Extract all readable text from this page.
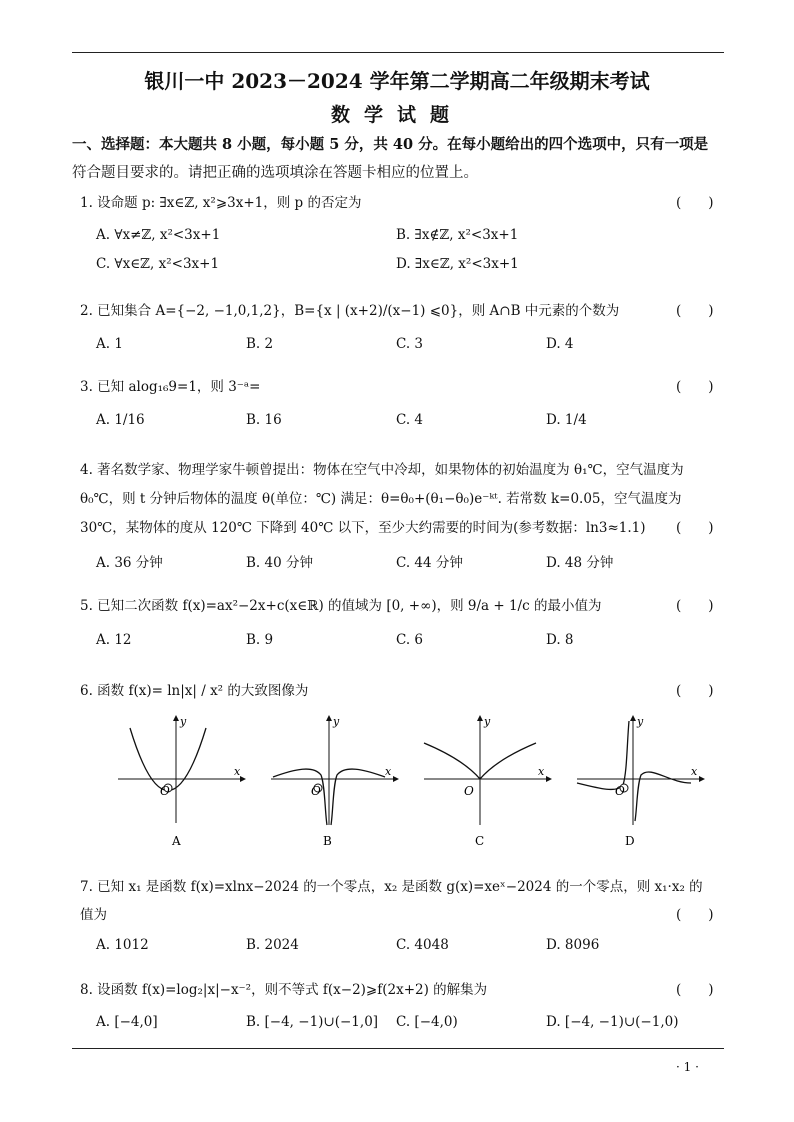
银川一中 2023－2024 学年第二学期高二年级期末考试
数学试题
一、选择题：本大题共 8 小题，每小题 5 分，共 40 分。在每小题给出的四个选项中，只有一项是
符合题目要求的。请把正确的选项填涂在答题卡相应的位置上。
1. 设命题 p: ∃x∈ℤ, x²⩾3x+1，则 p 的否定为	(　　)
A. ∀x≠ℤ, x²<3x+1	B. ∃x∉ℤ, x²<3x+1
C. ∀x∈ℤ, x²<3x+1	D. ∃x∈ℤ, x²<3x+1
2. 已知集合 A={−2, −1,0,1,2}，B={x | (x+2)/(x−1) ⩽0}，则 A∩B 中元素的个数为	(　　)
A. 1	B. 2	C. 3	D. 4
3. 已知 alog₁₆9=1，则 3⁻ᵃ=	(　　)
A. 1/16	B. 16	C. 4	D. 1/4
4. 著名数学家、物理学家牛顿曾提出：物体在空气中冷却，如果物体的初始温度为 θ₁℃，空气温度为
θ₀℃，则 t 分钟后物体的温度 θ(单位：℃) 满足：θ=θ₀+(θ₁−θ₀)e⁻ᵏᵗ. 若常数 k=0.05，空气温度为
30℃，某物体的度从 120℃ 下降到 40℃ 以下，至少大约需要的时间为(参考数据：ln3≈1.1) (　　)
A. 36 分钟	B. 40 分钟	C. 44 分钟	D. 48 分钟
5. 已知二次函数 f(x)=ax²−2x+c(x∈ℝ) 的值域为 [0, +∞)，则 9/a + 1/c 的最小值为	(　　)
A. 12	B. 9	C. 6	D. 8
6. 函数 f(x)= ln|x| / x² 的大致图像为	(　　)
x
y
O
A
x
y
O
B
x
y
O
C
x
y
O
D
7. 已知 x₁ 是函数 f(x)=xlnx−2024 的一个零点，x₂ 是函数 g(x)=xeˣ−2024 的一个零点，则 x₁·x₂ 的
值为	(　　)
A. 1012	B. 2024	C. 4048	D. 8096
8. 设函数 f(x)=log₂|x|−x⁻²，则不等式 f(x−2)⩾f(2x+2) 的解集为	(　　)
A. [−4,0]	B. [−4, −1)∪(−1,0] C. [−4,0)	D. [−4, −1)∪(−1,0)
· 1 ·
